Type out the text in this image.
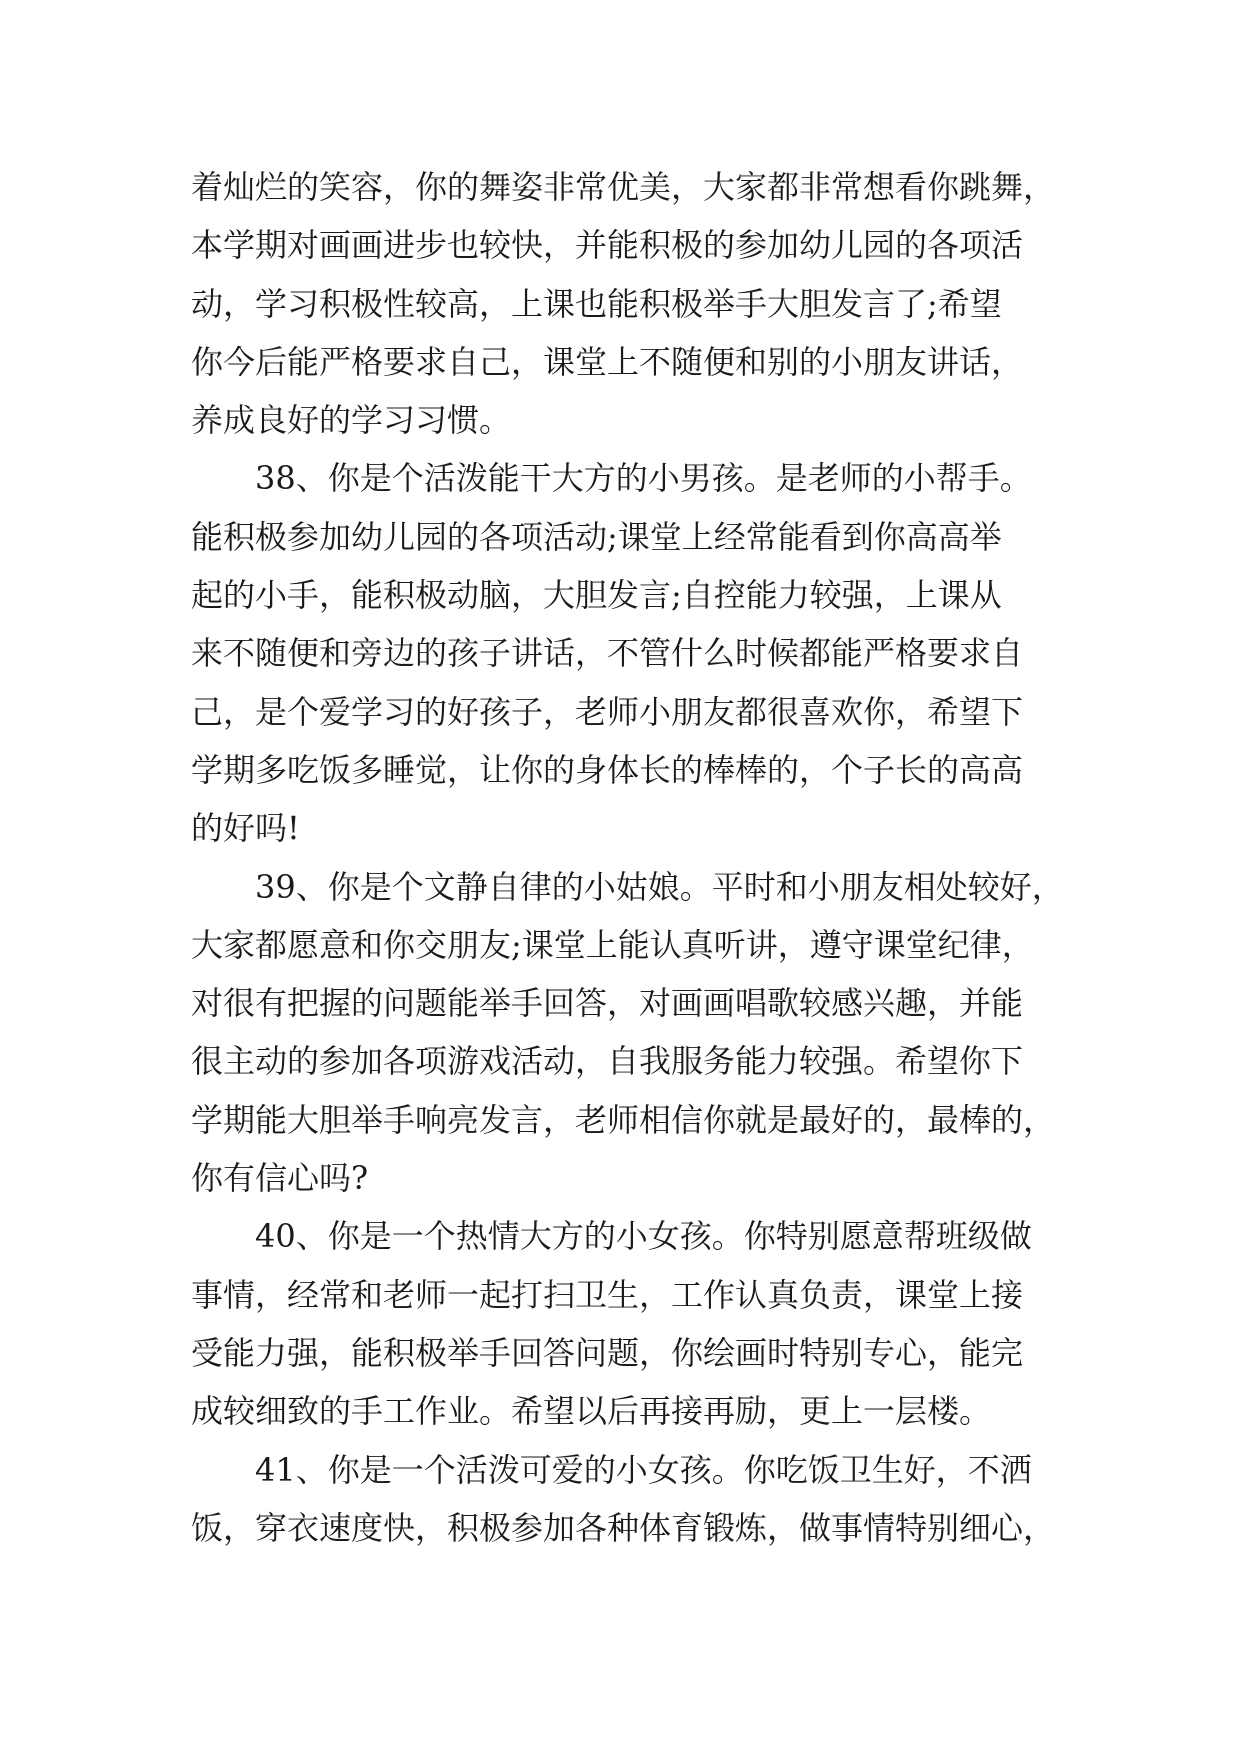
着灿烂的笑容，你的舞姿非常优美，大家都非常想看你跳舞，
本学期对画画进步也较快，并能积极的参加幼儿园的各项活
动，学习积极性较高，上课也能积极举手大胆发言了;希望
你今后能严格要求自己，课堂上不随便和别的小朋友讲话，
养成良好的学习习惯。
38、你是个活泼能干大方的小男孩。是老师的小帮手。
能积极参加幼儿园的各项活动;课堂上经常能看到你高高举
起的小手，能积极动脑，大胆发言;自控能力较强，上课从
来不随便和旁边的孩子讲话，不管什么时候都能严格要求自
己，是个爱学习的好孩子，老师小朋友都很喜欢你，希望下
学期多吃饭多睡觉，让你的身体长的棒棒的，个子长的高高
的好吗!
39、你是个文静自律的小姑娘。平时和小朋友相处较好，
大家都愿意和你交朋友;课堂上能认真听讲，遵守课堂纪律，
对很有把握的问题能举手回答，对画画唱歌较感兴趣，并能
很主动的参加各项游戏活动，自我服务能力较强。希望你下
学期能大胆举手响亮发言，老师相信你就是最好的，最棒的，
你有信心吗?
40、你是一个热情大方的小女孩。你特别愿意帮班级做
事情，经常和老师一起打扫卫生，工作认真负责，课堂上接
受能力强，能积极举手回答问题，你绘画时特别专心，能完
成较细致的手工作业。希望以后再接再励，更上一层楼。
41、你是一个活泼可爱的小女孩。你吃饭卫生好，不洒
饭，穿衣速度快，积极参加各种体育锻炼，做事情特别细心，
